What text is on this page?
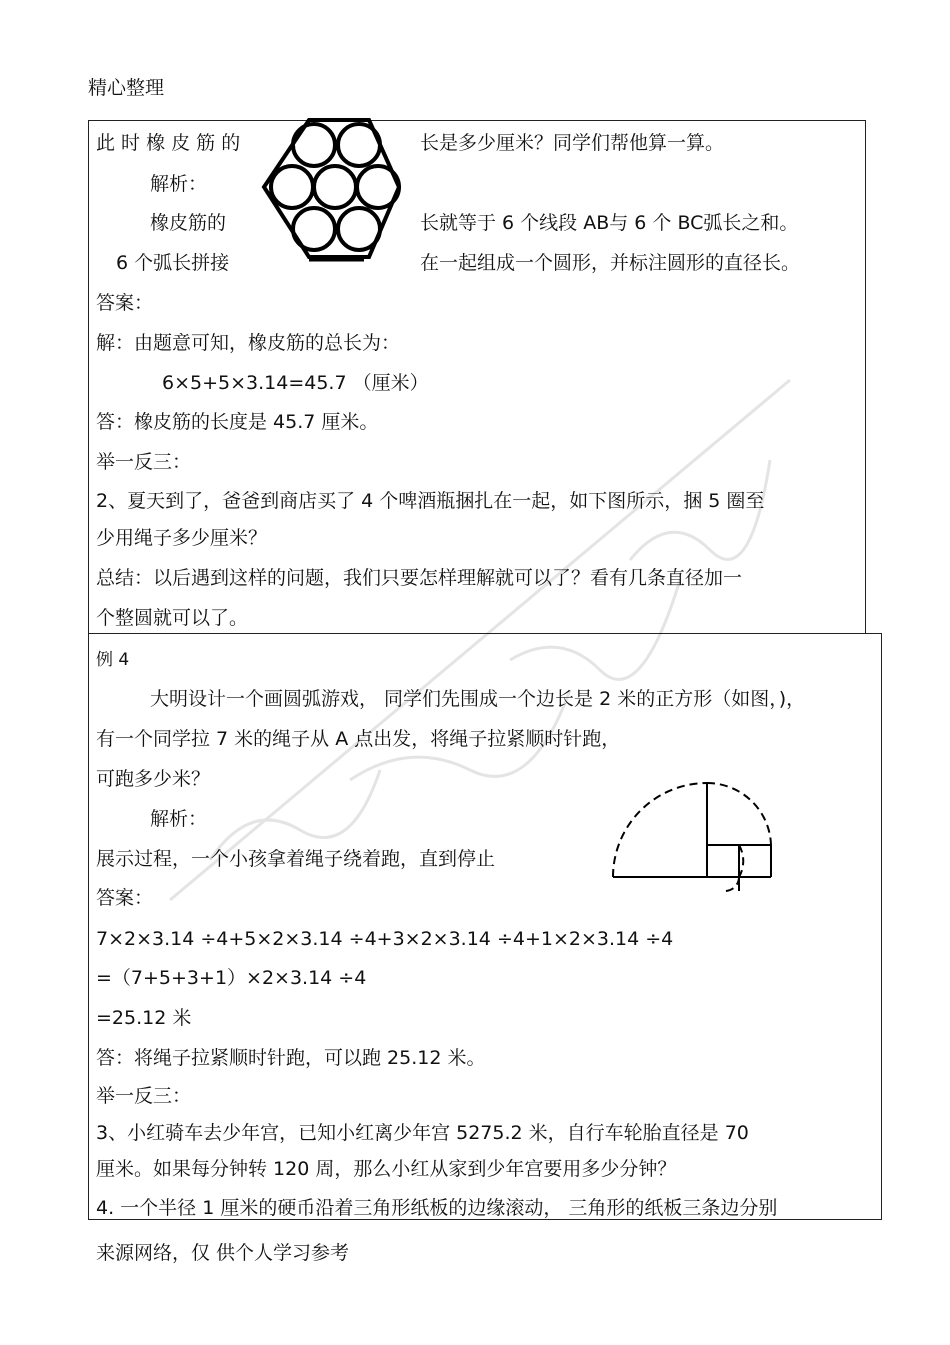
精心整理
此 时 橡 皮 筋 的	长是多少厘米？同学们帮他算一算。
解析：
橡皮筋的	长就等于 6 个线段 AB与 6 个 BC弧长之和。
6 个弧长拼接	在一起组成一个圆形，并标注圆形的直径长。
答案：
解：由题意可知，橡皮筋的总长为：
6×5+5×3.14=45.7 （厘米）
答：橡皮筋的长度是 45.7 厘米。
举一反三：
2、夏天到了，爸爸到商店买了 4 个啤酒瓶捆扎在一起，如下图所示，捆 5 圈至
少用绳子多少厘米？
总结：以后遇到这样的问题，我们只要怎样理解就可以了？看有几条直径加一
个整圆就可以了。
例 4
大明设计一个画圆弧游戏， 同学们先围成一个边长是 2 米的正方形（如图，)，
有一个同学拉 7 米的绳子从 A 点出发，将绳子拉紧顺时针跑，
可跑多少米？
解析：
展示过程，一个小孩拿着绳子绕着跑，直到停止
答案：
7×2×3.14 ÷4+5×2×3.14 ÷4+3×2×3.14 ÷4+1×2×3.14 ÷4
=（7+5+3+1）×2×3.14 ÷4
=25.12 米
答：将绳子拉紧顺时针跑，可以跑 25.12 米。
举一反三：
3、小红骑车去少年宫，已知小红离少年宫 5275.2 米，自行车轮胎直径是 70
厘米。如果每分钟转 120 周，那么小红从家到少年宫要用多少分钟？
4. 一个半径 1 厘米的硬币沿着三角形纸板的边缘滚动， 三角形的纸板三条边分别
来源网络，仅 供个人学习参考
